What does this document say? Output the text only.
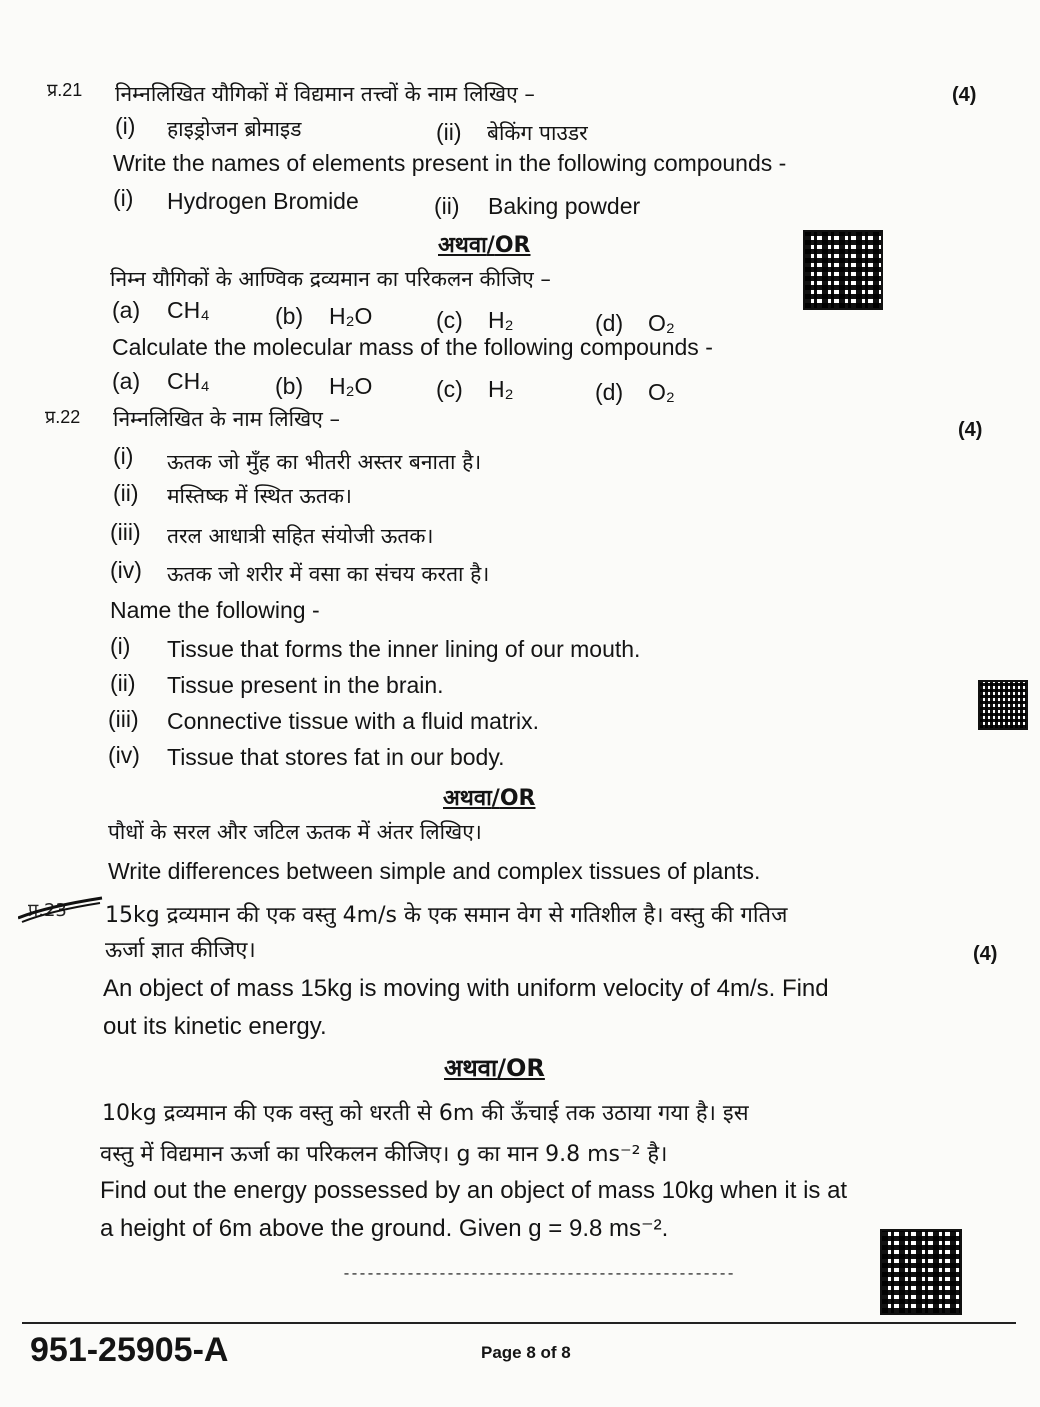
प्र.21 निम्नलिखित यौगिकों में विद्यमान तत्त्वों के नाम लिखिए –	(4)
(i) हाइड्रोजन ब्रोमाइड	(ii) बेकिंग पाउडर
Write the names of elements present in the following compounds -
(i) Hydrogen Bromide	(ii) Baking powder
अथवा/OR
निम्न यौगिकों के आण्विक द्रव्यमान का परिकलन कीजिए –
(a) CH₄	(b) H₂O	(c) H₂	(d) O₂
Calculate the molecular mass of the following compounds -
(a) CH₄	(b) H₂O	(c) H₂	(d) O₂
प्र.22 निम्नलिखित के नाम लिखिए –	(4)
(i) ऊतक जो मुँह का भीतरी अस्तर बनाता है।
(ii) मस्तिष्क में स्थित ऊतक।
(iii) तरल आधात्री सहित संयोजी ऊतक।
(iv) ऊतक जो शरीर में वसा का संचय करता है।
Name the following -
(i) Tissue that forms the inner lining of our mouth.
(ii) Tissue present in the brain.
(iii) Connective tissue with a fluid matrix.
(iv) Tissue that stores fat in our body.
अथवा/OR
पौधों के सरल और जटिल ऊतक में अंतर लिखिए।
Write differences between simple and complex tissues of plants.
प्र.23 15kg द्रव्यमान की एक वस्तु 4m/s के एक समान वेग से गतिशील है। वस्तु की गतिज
ऊर्जा ज्ञात कीजिए।	(4)
An object of mass 15kg is moving with uniform velocity of 4m/s. Find
out its kinetic energy.
अथवा/OR
10kg द्रव्यमान की एक वस्तु को धरती से 6m की ऊँचाई तक उठाया गया है। इस
वस्तु में विद्यमान ऊर्जा का परिकलन कीजिए। g का मान 9.8 ms⁻² है।
Find out the energy possessed by an object of mass 10kg when it is at
a height of 6m above the ground. Given g = 9.8 ms⁻².
-------------------------------------------------
951-25905-A	Page 8 of 8
